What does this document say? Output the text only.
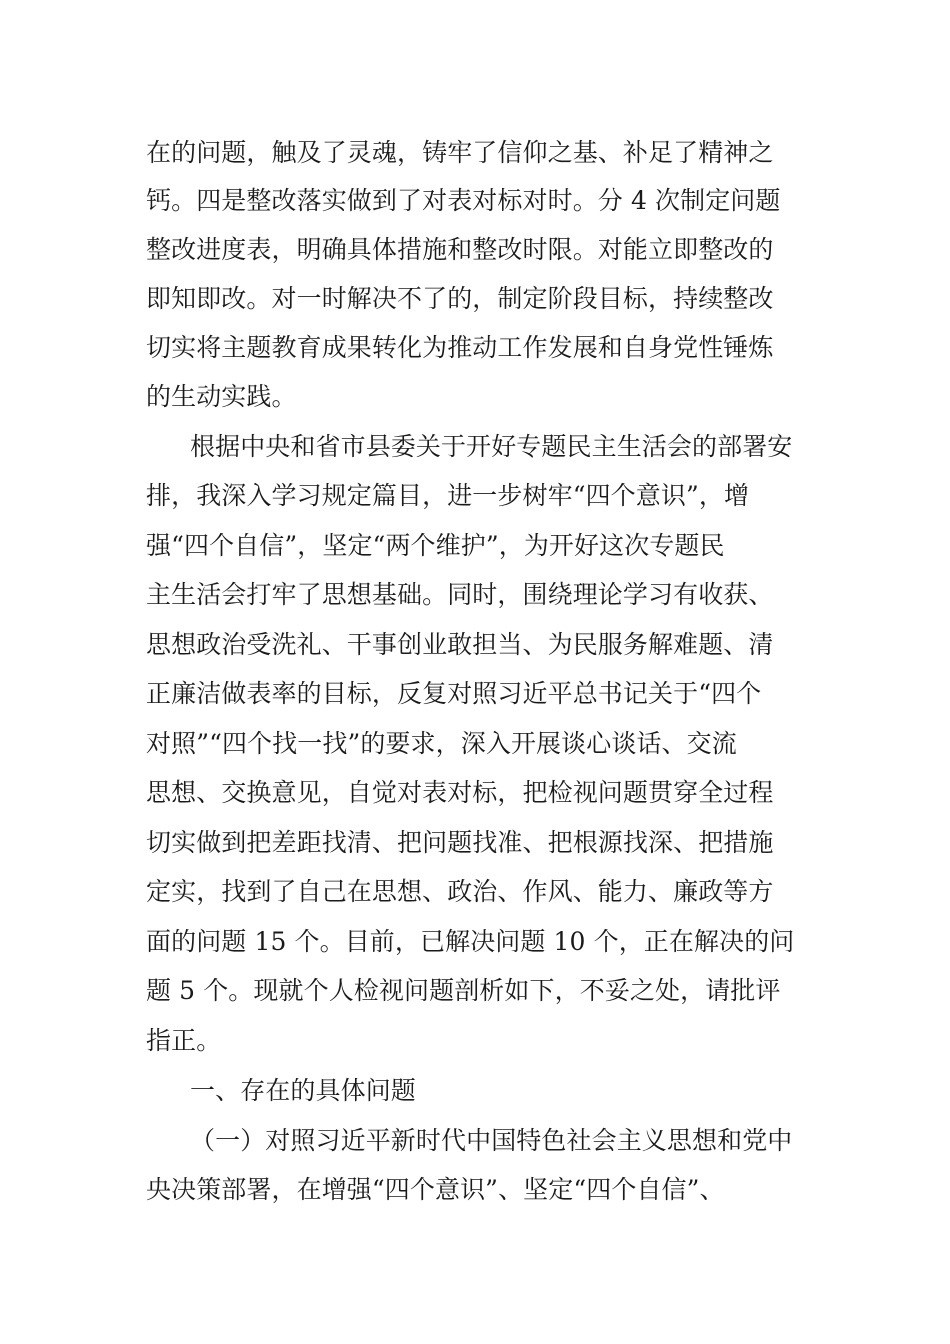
在的问题，触及了灵魂，铸牢了信仰之基、补足了精神之
钙。四是整改落实做到了对表对标对时。分 4 次制定问题
整改进度表，明确具体措施和整改时限。对能立即整改的
即知即改。对一时解决不了的，制定阶段目标，持续整改
切实将主题教育成果转化为推动工作发展和自身党性锤炼
的生动实践。
根据中央和省市县委关于开好专题民主生活会的部署安
排，我深入学习规定篇目，进一步树牢“四个意识”，增
强“四个自信”，坚定“两个维护”，为开好这次专题民
主生活会打牢了思想基础。同时，围绕理论学习有收获、
思想政治受洗礼、干事创业敢担当、为民服务解难题、清
正廉洁做表率的目标，反复对照习近平总书记关于“四个
对照”“四个找一找”的要求，深入开展谈心谈话、交流
思想、交换意见，自觉对表对标，把检视问题贯穿全过程
切实做到把差距找清、把问题找准、把根源找深、把措施
定实，找到了自己在思想、政治、作风、能力、廉政等方
面的问题 15 个。目前，已解决问题 10 个，正在解决的问
题 5 个。现就个人检视问题剖析如下，不妥之处，请批评
指正。
一、存在的具体问题
（一）对照习近平新时代中国特色社会主义思想和党中
央决策部署，在增强“四个意识”、坚定“四个自信”、
